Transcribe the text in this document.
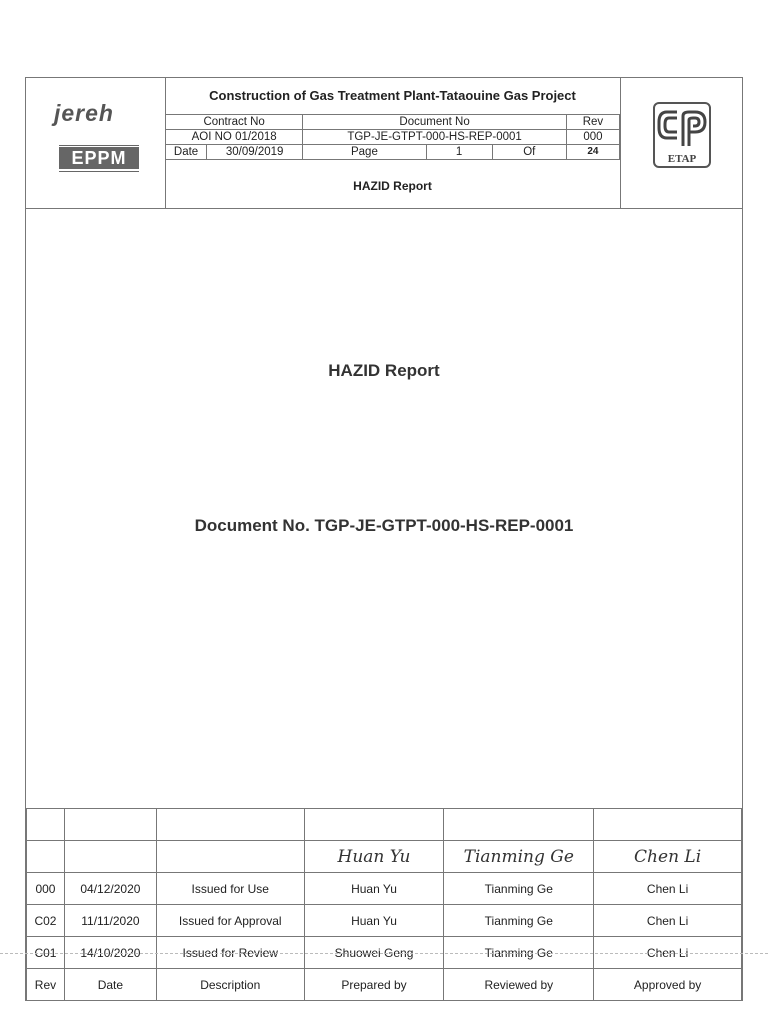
jereh
EPPM
Construction of Gas Treatment Plant-Tataouine Gas Project
Contract No		Document No			Rev
AOI NO 01/2018		TGP-JE-GTPT-000-HS-REP-0001			000
Date	30/09/2019	Page	1	Of	24
HAZID Report
ETAP
HAZID Report
Document No. TGP-JE-GTPT-000-HS-REP-0001

			Huan Yu	Tianming Ge	Chen Li
000	04/12/2020	Issued for Use	Huan Yu	Tianming Ge	Chen Li
C02	11/11/2020	Issued for Approval	Huan Yu	Tianming Ge	Chen Li
C01	14/10/2020	Issued for Review	Shuowei Geng	Tianming Ge	Chen Li
Rev	Date	Description	Prepared by	Reviewed by	Approved by
